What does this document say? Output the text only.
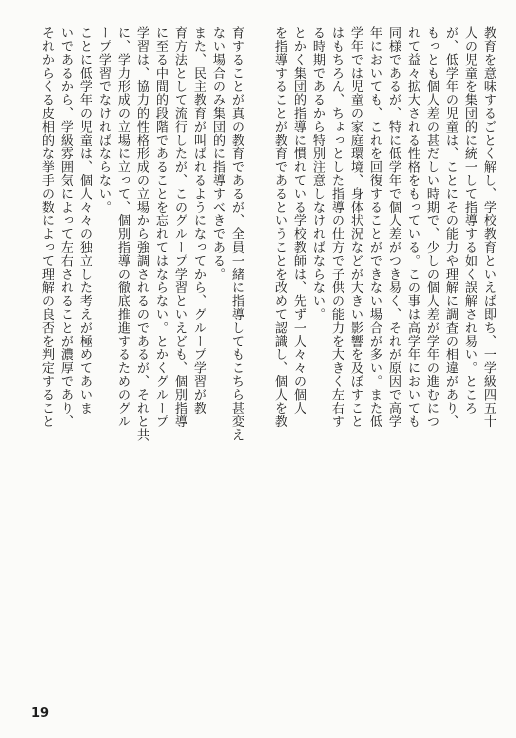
教育を意味するごとく解し、学校教育といえば即ち、一学級四五十
人の児童を集団的に統一して指導する如く誤解され易い。ところ
が、低学年の児童は、ことにその能力や理解に調査の相違があり、
もっとも個人差の甚だしい時期で、少しの個人差が学年の進むにつ
れて益々拡大される性格をもっている。この事は高学年においても
同様であるが、特に低学年で個人差がつき易く、それが原因で高学
年においても、これを回復することができない場合が多い。また低
学年では児童の家庭環境、身体状況などが大きい影響を及ぼすこと
はもちろん、ちょっとした指導の仕方で子供の能力を大きく左右す
る時期であるから特別注意しなければならない。
とかく集団的指導に慣れている学校教師は、先ず一人々々の個人
を指導することが教育であるということを改めて認識し、個人を教
育することが真の教育であるが、全員一緒に指導してもこちら甚変え
ない場合のみ集団的に指導すべきである。
また、民主教育が叫ばれるようになってから、グループ学習が教
育方法として流行したが、このグループ学習といえども、個別指導
に至る中間的段階であることを忘れてはならない。とかくグループ
学習は、協力的性格形成の立場から強調されるのであるが、それと共
に、学力形成の立場に立って、個別指導の徹底推進するためのグル
ープ学習でなければならない。
ことに低学年の児童は、個人々々の独立した考えが極めてあいま
いであるから、学級雰囲気によって左右されることが濃厚であり、
それからくる皮相的な挙手の数によって理解の良否を判定すること
19
